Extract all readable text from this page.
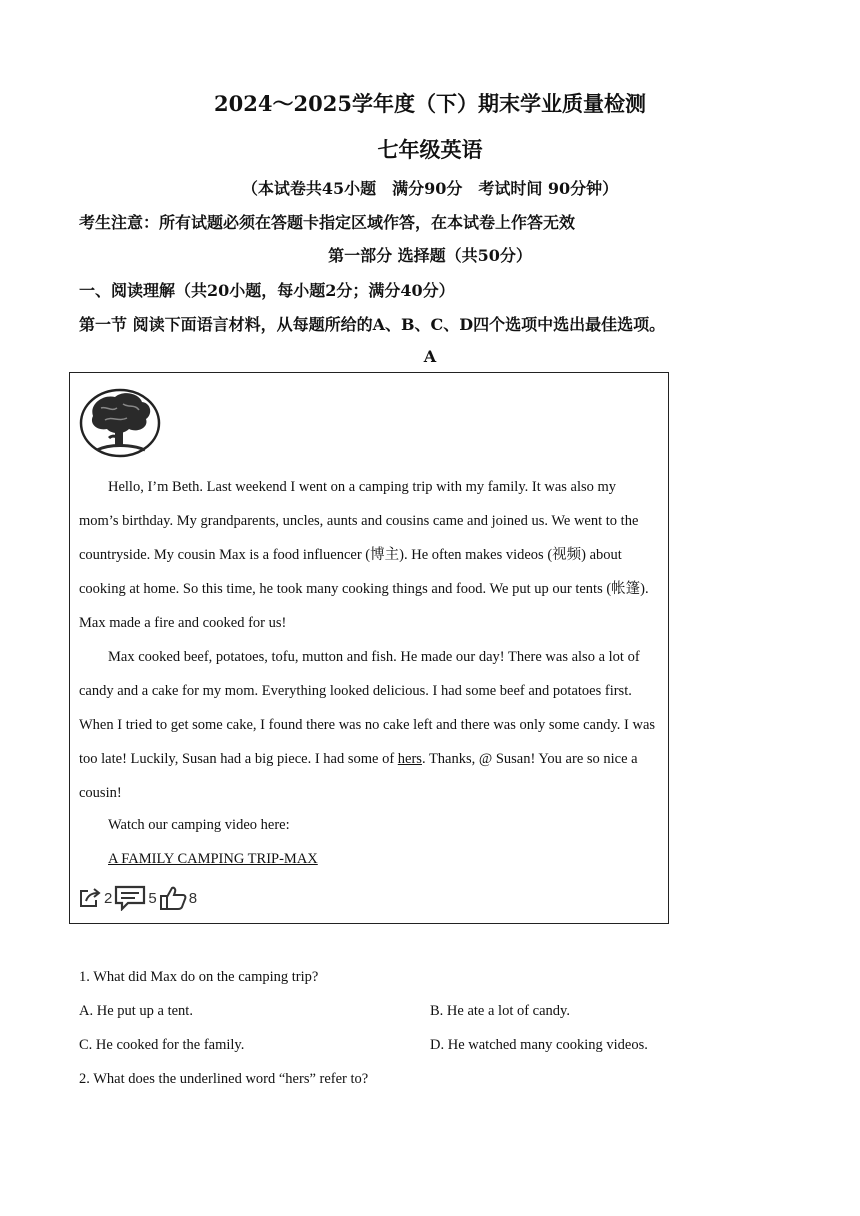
2024～2025学年度（下）期末学业质量检测
七年级英语
（本试卷共45小题　满分90分　考试时间 90分钟）
考生注意：所有试题必须在答题卡指定区域作答，在本试卷上作答无效
第一部分 选择题（共50分）
一、阅读理解（共20小题，每小题2分；满分40分）
第一节 阅读下面语言材料，从每题所给的A、B、C、D四个选项中选出最佳选项。
A
Hello, I’m Beth. Last weekend I went on a camping trip with my family. It was also my mom’s birthday. My grandparents, uncles, aunts and cousins came and joined us. We went to the countryside. My cousin Max is a food influencer (博主). He often makes videos (视频) about cooking at home. So this time, he took many cooking things and food. We put up our tents (帐篷). Max made a fire and cooked for us!
Max cooked beef, potatoes, tofu, mutton and fish. He made our day! There was also a lot of candy and a cake for my mom. Everything looked delicious. I had some beef and potatoes first. When I tried to get some cake, I found there was no cake left and there was only some candy. I was too late! Luckily, Susan had a big piece. I had some of hers. Thanks, @ Susan! You are so nice a cousin!
Watch our camping video here:
A FAMILY CAMPING TRIP-MAX
2 5 8
1. What did Max do on the camping trip?
A. He put up a tent.	B. He ate a lot of candy.
C. He cooked for the family.	D. He watched many cooking videos.
2. What does the underlined word “hers” refer to?
